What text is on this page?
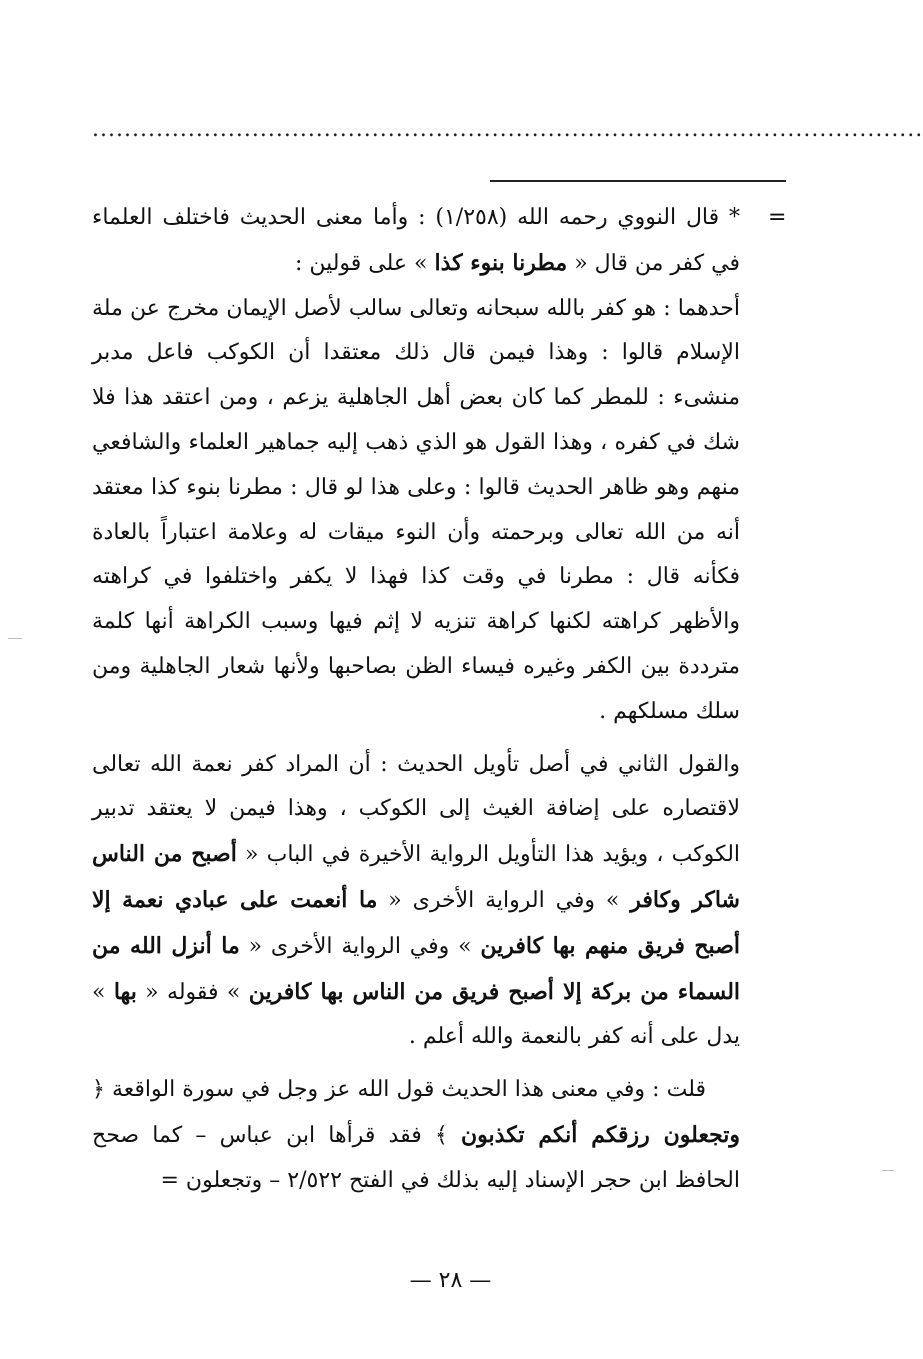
........................................................................................................
=

* قال النووي رحمه الله (١/٢٥٨) : وأما معنى الحديث فاختلف العلماء في كفر من قال « مطرنا بنوء كذا » على قولين :

أحدهما : هو كفر بالله سبحانه وتعالى سالب لأصل الإيمان مخرج عن ملة الإسلام قالوا : وهذا فيمن قال ذلك معتقدا أن الكوكب فاعل مدبر منشىء : للمطر كما كان بعض أهل الجاهلية يزعم ، ومن اعتقد هذا فلا شك في كفره ، وهذا القول هو الذي ذهب إليه جماهير العلماء والشافعي منهم وهو ظاهر الحديث قالوا : وعلى هذا لو قال : مطرنا بنوء كذا معتقد أنه من الله تعالى وبرحمته وأن النوء ميقات له وعلامة اعتباراً بالعادة فكأنه قال : مطرنا في وقت كذا فهذا لا يكفر واختلفوا في كراهته والأظهر كراهته لكنها كراهة تنزيه لا إثم فيها وسبب الكراهة أنها كلمة مترددة بين الكفر وغيره فيساء الظن بصاحبها ولأنها شعار الجاهلية ومن سلك مسلكهم .

والقول الثاني في أصل تأويل الحديث : أن المراد كفر نعمة الله تعالى لاقتصاره على إضافة الغيث إلى الكوكب ، وهذا فيمن لا يعتقد تدبير الكوكب ، ويؤيد هذا التأويل الرواية الأخيرة في الباب « أصبح من الناس شاكر وكافر » وفي الرواية الأخرى « ما أنعمت على عبادي نعمة إلا أصبح فريق منهم بها كافرين » وفي الرواية الأخرى « ما أنزل الله من السماء من بركة إلا أصبح فريق من الناس بها كافرين » فقوله « بها » يدل على أنه كفر بالنعمة والله أعلم .

قلت : وفي معنى هذا الحديث قول الله عز وجل في سورة الواقعة ﴿ وتجعلون رزقكم أنكم تكذبون ﴾ فقد قرأها ابن عباس – كما صحح الحافظ ابن حجر الإسناد إليه بذلك في الفتح ٢/٥٢٢ – وتجعلون =

— ٢٨ —
